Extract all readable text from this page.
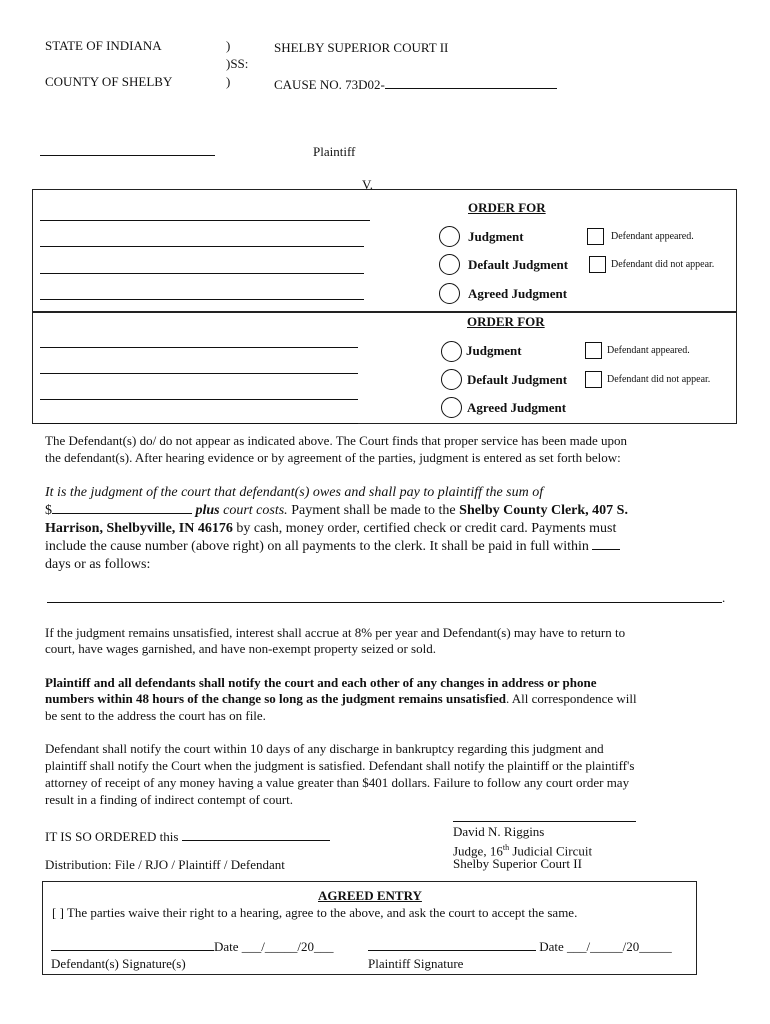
STATE OF INDIANA
COUNTY OF SHELBY
)
)SS:
)
SHELBY SUPERIOR COURT II
CAUSE NO. 73D02-
Plaintiff
V.
ORDER FOR
Judgment
Default Judgment
Agreed Judgment
Defendant appeared.
Defendant did not appear.
ORDER FOR
Judgment
Default Judgment
Agreed Judgment
Defendant appeared.
Defendant did not appear.
The Defendant(s) do/ do not appear as indicated above. The Court finds that proper service has been made upon
the defendant(s). After hearing evidence or by agreement of the parties, judgment is entered as set forth below:
It is the judgment of the court that defendant(s) owes and shall pay to plaintiff the sum of
$	plus court costs. Payment shall be made to the Shelby County Clerk, 407 S.
Harrison, Shelbyville, IN 46176 by cash, money order, certified check or credit card. Payments must
include the cause number (above right) on all payments to the clerk. It shall be paid in full within
days or as follows:
.
If the judgment remains unsatisfied, interest shall accrue at 8% per year and Defendant(s) may have to return to
court, have wages garnished, and have non-exempt property seized or sold.
Plaintiff and all defendants shall notify the court and each other of any changes in address or phone
numbers within 48 hours of the change so long as the judgment remains unsatisfied. All correspondence will
be sent to the address the court has on file.
Defendant shall notify the court within 10 days of any discharge in bankruptcy regarding this judgment and
plaintiff shall notify the Court when the judgment is satisfied. Defendant shall notify the plaintiff or the plaintiff's
attorney of receipt of any money having a value greater than $401 dollars. Failure to follow any court order may
result in a finding of indirect contempt of court.
David N. Riggins
Judge, 16th Judicial Circuit
Shelby Superior Court II
IT IS SO ORDERED this
Distribution: File / RJO / Plaintiff / Defendant
AGREED ENTRY
[ ] The parties waive their right to a hearing, agree to the above, and ask the court to accept the same.
Date ___/_____/20___	Date ___/_____/20_____
Defendant(s) Signature(s)	Plaintiff Signature
